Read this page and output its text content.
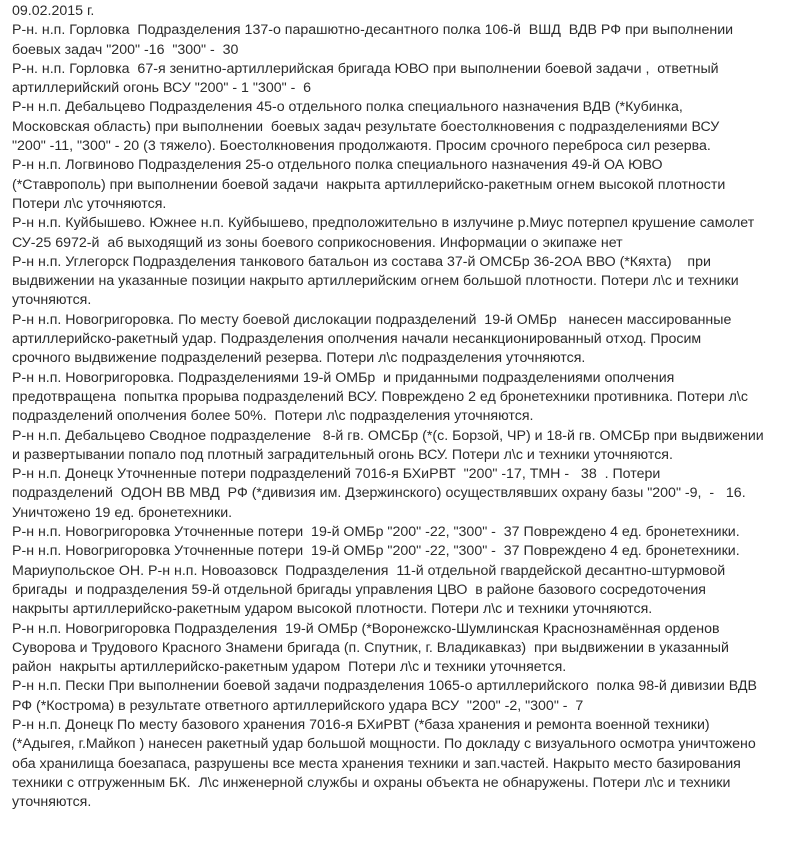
09.02.2015 г.
Р-н. н.п. Горловка  Подразделения 137-о парашютно-десантного полка 106-й  ВШД  ВДВ РФ при выполнении
боевых задач "200" -16  "300" -  30
Р-н. н.п. Горловка  67-я зенитно-артиллерийская бригада ЮВО при выполнении боевой задачи ,  ответный
артиллерийский огонь ВСУ "200" - 1 "300" -  6
Р-н н.п. Дебальцево Подразделения 45-о отдельного полка специального назначения ВДВ (*Кубинка,
Московская область) при выполнении  боевых задач результате боестолкновения с подразделениями ВСУ
"200" -11, "300" - 20 (3 тяжело). Боестолкновения продолжаютя. Просим срочного переброса сил резерва.
Р-н н.п. Логвиново Подразделения 25-о отдельного полка специального назначения 49-й ОА ЮВО
(*Ставрополь) при выполнении боевой задачи  накрыта артиллерийско-ракетным огнем высокой плотности
Потери л\с уточняются.
Р-н н.п. Куйбышево. Южнее н.п. Куйбышево, предположительно в излучине р.Миус потерпел крушение самолет
СУ-25 6972-й  аб выходящий из зоны боевого соприкосновения. Информации о экипаже нет
Р-н н.п. Углегорск Подразделения танкового батальон из состава 37-й ОМСБр 36-2ОА ВВО (*Кяхта)    при
выдвижении на указанные позиции накрыто артиллерийским огнем большой плотности. Потери л\с и техники
уточняются.
Р-н н.п. Новогригоровка. По месту боевой дислокации подразделений  19-й ОМБр   нанесен массированные
артиллерийско-ракетный удар. Подразделения ополчения начали несанкционированный отход. Просим
срочного выдвижение подразделений резерва. Потери л\с подразделения уточняются.
Р-н н.п. Новогригоровка. Подразделениями 19-й ОМБр  и приданными подразделениями ополчения
предотвращена  попытка прорыва подразделений ВСУ. Повреждено 2 ед бронетехники противника. Потери л\с
подразделений ополчения более 50%.  Потери л\с подразделения уточняются.
Р-н н.п. Дебальцево Сводное подразделение   8-й гв. ОМСБр (*(с. Борзой, ЧР) и 18-й гв. ОМСБр при выдвижении
и развертывании попало под плотный заградительный огонь ВСУ. Потери л\с и техники уточняются.
Р-н н.п. Донецк Уточненные потери подразделений 7016-я БХиРВТ  "200" -17, ТМН -   38  . Потери
подразделений  ОДОН ВВ МВД  РФ (*дивизия им. Дзержинского) осуществлявших охрану базы "200" -9,  -   16.
Уничтожено 19 ед. бронетехники.
Р-н н.п. Новогригоровка Уточненные потери  19-й ОМБр "200" -22, "300" -  37 Повреждено 4 ед. бронетехники.
Р-н н.п. Новогригоровка Уточненные потери  19-й ОМБр "200" -22, "300" -  37 Повреждено 4 ед. бронетехники.
Мариупольское ОН. Р-н н.п. Новоазовск  Подразделения  11-й отдельной гвардейской десантно-штурмовой
бригады  и подразделения 59-й отдельной бригады управления ЦВО  в районе базового сосредоточения
накрыты артиллерийско-ракетным ударом высокой плотности. Потери л\с и техники уточняются.
Р-н н.п. Новогригоровка Подразделения  19-й ОМБр (*Воронежско-Шумлинская Краснознамённая орденов
Суворова и Трудового Красного Знамени бригада (п. Спутник, г. Владикавказ)  при выдвижении в указанный
район  накрыты артиллерийско-ракетным ударом  Потери л\с и техники уточняется.
Р-н н.п. Пески При выполнении боевой задачи подразделения 1065-о артиллерийского  полка 98-й дивизии ВДВ
РФ (*Кострома) в результате ответного артиллерийского удара ВСУ  "200" -2, "300" -  7
Р-н н.п. Донецк По месту базового хранения 7016-я БХиРВТ (*база хранения и ремонта военной техники)
(*Адыгея, г.Майкоп ) нанесен ракетный удар большой мощности. По докладу с визуального осмотра уничтожено
оба хранилища боезапаса, разрушены все места хранения техники и зап.частей. Накрыто место базирования
техники с отгруженным БК.  Л\с инженерной службы и охраны объекта не обнаружены. Потери л\с и техники
уточняются.
